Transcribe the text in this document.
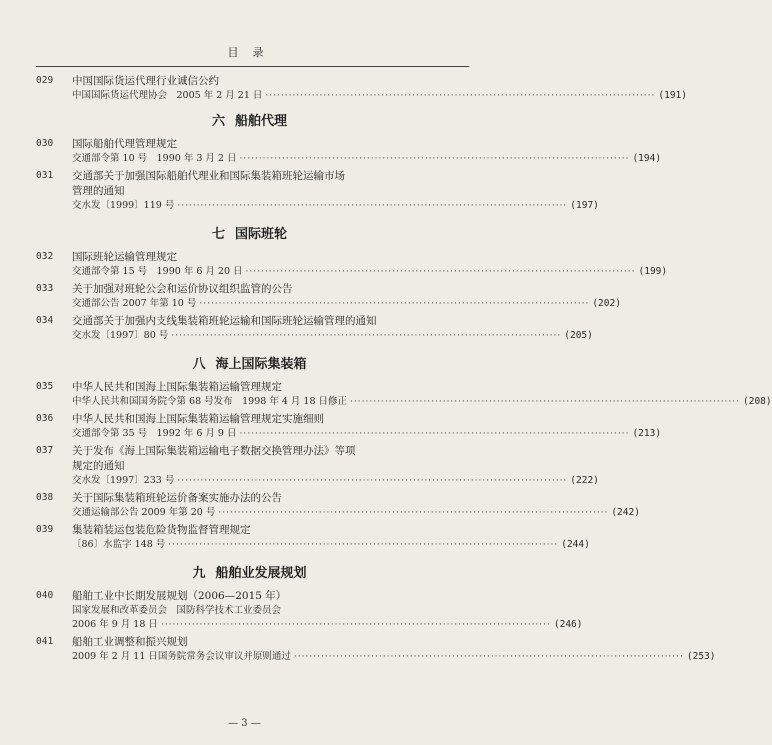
目录
029 中国国际货运代理行业诚信公约
中国国际货运代理协会　2005 年 2 月 21 日 ····································································································· (191)
六 船舶代理
030 国际船舶代理管理规定
交通部令第 10 号　1990 年 3 月 2 日 ····································································································· (194)
031 交通部关于加强国际船舶代理业和国际集装箱班轮运输市场
管理的通知
交水发〔1999〕119 号 ····································································································· (197)
七 国际班轮
032 国际班轮运输管理规定
交通部令第 15 号　1990 年 6 月 20 日 ····································································································· (199)
033 关于加强对班轮公会和运价协议组织监管的公告
交通部公告 2007 年第 10 号 ····································································································· (202)
034 交通部关于加强内支线集装箱班轮运输和国际班轮运输管理的通知
交水发〔1997〕80 号 ····································································································· (205)
八 海上国际集装箱
035 中华人民共和国海上国际集装箱运输管理规定
中华人民共和国国务院令第 68 号发布　1998 年 4 月 18 日修正 ····································································································· (208)
036 中华人民共和国海上国际集装箱运输管理规定实施细则
交通部令第 35 号　1992 年 6 月 9 日 ····································································································· (213)
037 关于发布《海上国际集装箱运输电子数据交换管理办法》等项
规定的通知
交水发〔1997〕233 号 ····································································································· (222)
038 关于国际集装箱班轮运价备案实施办法的公告
交通运输部公告 2009 年第 20 号 ····································································································· (242)
039 集装箱装运包装危险货物监督管理规定
〔86〕水监字 148 号 ····································································································· (244)
九 船舶业发展规划
040 船舶工业中长期发展规划（2006—2015 年）
国家发展和改革委员会　国防科学技术工业委员会
2006 年 9 月 18 日 ····································································································· (246)
041 船舶工业调整和振兴规划
2009 年 2 月 11 日国务院常务会议审议并原则通过 ····································································································· (253)
— 3 —
